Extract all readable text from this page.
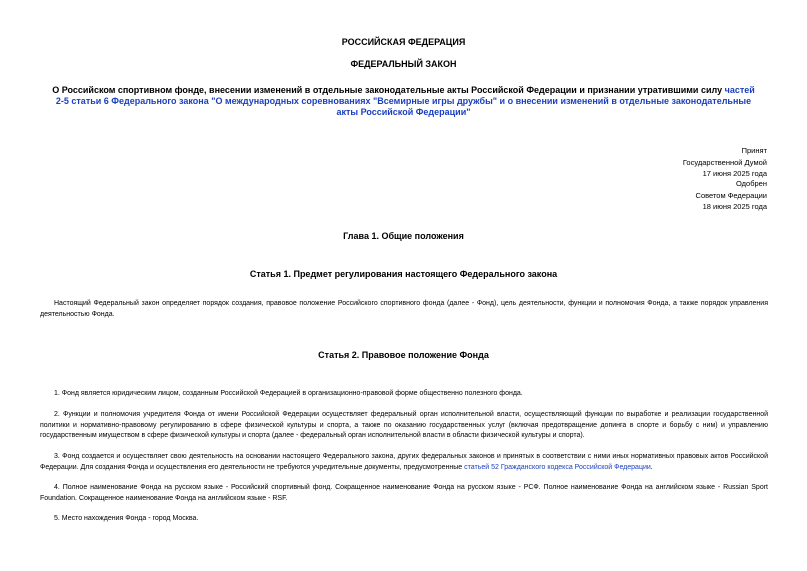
РОССИЙСКАЯ ФЕДЕРАЦИЯ
ФЕДЕРАЛЬНЫЙ ЗАКОН
О Российском спортивном фонде, внесении изменений в отдельные законодательные акты Российской Федерации и признании утратившими силу частей 2-5 статьи 6 Федерального закона "О международных соревнованиях "Всемирные игры дружбы" и о внесении изменений в отдельные законодательные акты Российской Федерации"
Принят
Государственной Думой
17 июня 2025 года
Одобрен
Советом Федерации
18 июня 2025 года
Глава 1. Общие положения
Статья 1. Предмет регулирования настоящего Федерального закона

Настоящий Федеральный закон определяет порядок создания, правовое положение Российского спортивного фонда (далее - Фонд), цель деятельности, функции и полномочия Фонда, а также порядок управления деятельностью Фонда.

Статья 2. Правовое положение Фонда

1. Фонд является юридическим лицом, созданным Российской Федерацией в организационно-правовой форме общественно полезного фонда.

2. Функции и полномочия учредителя Фонда от имени Российской Федерации осуществляет федеральный орган исполнительной власти, осуществляющий функции по выработке и реализации государственной политики и нормативно-правовому регулированию в сфере физической культуры и спорта, а также по оказанию государственных услуг (включая предотвращение допинга в спорте и борьбу с ним) и управлению государственным имуществом в сфере физической культуры и спорта (далее - федеральный орган исполнительной власти в области физической культуры и спорта).

3. Фонд создается и осуществляет свою деятельность на основании настоящего Федерального закона, других федеральных законов и принятых в соответствии с ними иных нормативных правовых актов Российской Федерации. Для создания Фонда и осуществления его деятельности не требуются учредительные документы, предусмотренные статьей 52 Гражданского кодекса Российской Федерации.

4. Полное наименование Фонда на русском языке - Российский спортивный фонд. Сокращенное наименование Фонда на русском языке - РСФ. Полное наименование Фонда на английском языке - Russian Sport Foundation. Сокращенное наименование Фонда на английском языке - RSF.

5. Место нахождения Фонда - город Москва.
